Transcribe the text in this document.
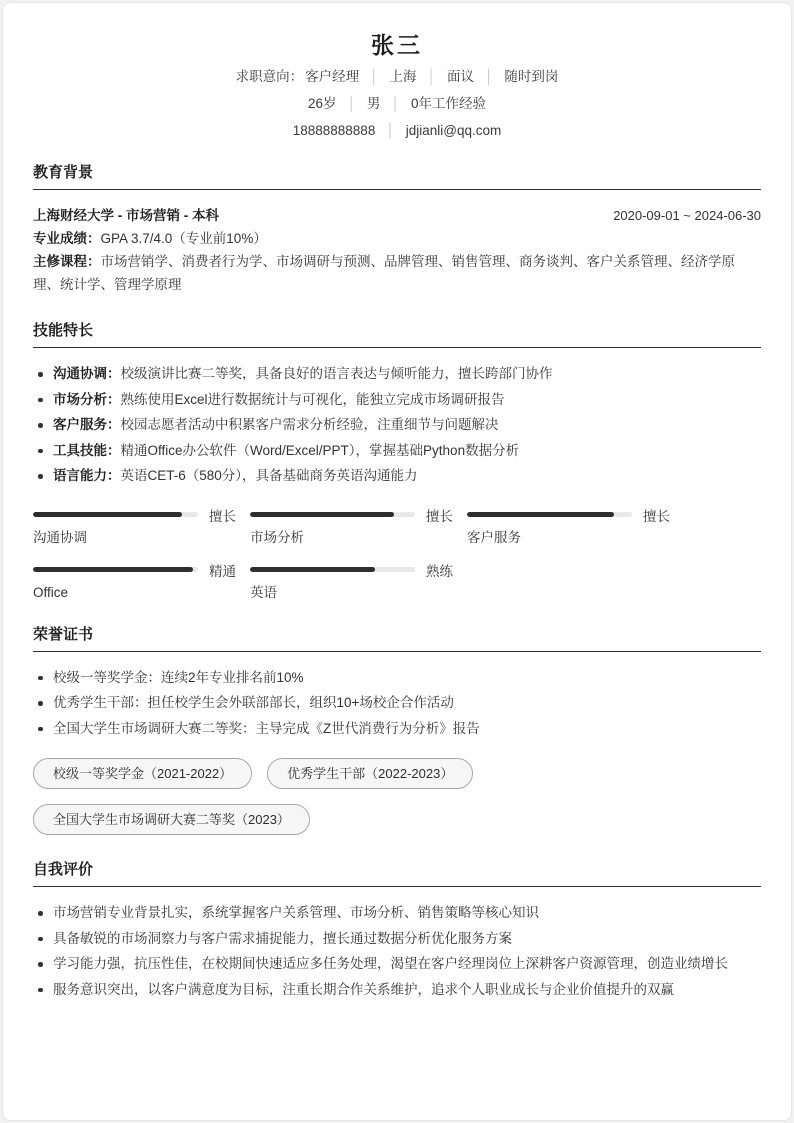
张三
求职意向： 客户经理 │ 上海 │ 面议 │ 随时到岗
26岁 │ 男 │ 0年工作经验
18888888888 │ jdjianli@qq.com
教育背景
上海财经大学 - 市场营销 - 本科	2020-09-01 ~ 2024-06-30
专业成绩：GPA 3.7/4.0（专业前10%）
主修课程：市场营销学、消费者行为学、市场调研与预测、品牌管理、销售管理、商务谈判、客户关系管理、经济学原理、统计学、管理学原理
技能特长
沟通协调：校级演讲比赛二等奖，具备良好的语言表达与倾听能力，擅长跨部门协作
市场分析：熟练使用Excel进行数据统计与可视化，能独立完成市场调研报告
客户服务：校园志愿者活动中积累客户需求分析经验，注重细节与问题解决
工具技能：精通Office办公软件（Word/Excel/PPT），掌握基础Python数据分析
语言能力：英语CET-6（580分），具备基础商务英语沟通能力
擅长
沟通协调
擅长
市场分析
擅长
客户服务
精通
Office
熟练
英语
荣誉证书
校级一等奖学金：连续2年专业排名前10%
优秀学生干部：担任校学生会外联部部长，组织10+场校企合作活动
全国大学生市场调研大赛二等奖：主导完成《Z世代消费行为分析》报告
校级一等奖学金（2021-2022）	优秀学生干部（2022-2023）
全国大学生市场调研大赛二等奖（2023）
自我评价
市场营销专业背景扎实，系统掌握客户关系管理、市场分析、销售策略等核心知识
具备敏锐的市场洞察力与客户需求捕捉能力，擅长通过数据分析优化服务方案
学习能力强，抗压性佳，在校期间快速适应多任务处理，渴望在客户经理岗位上深耕客户资源管理，创造业绩增长
服务意识突出，以客户满意度为目标，注重长期合作关系维护，追求个人职业成长与企业价值提升的双赢
